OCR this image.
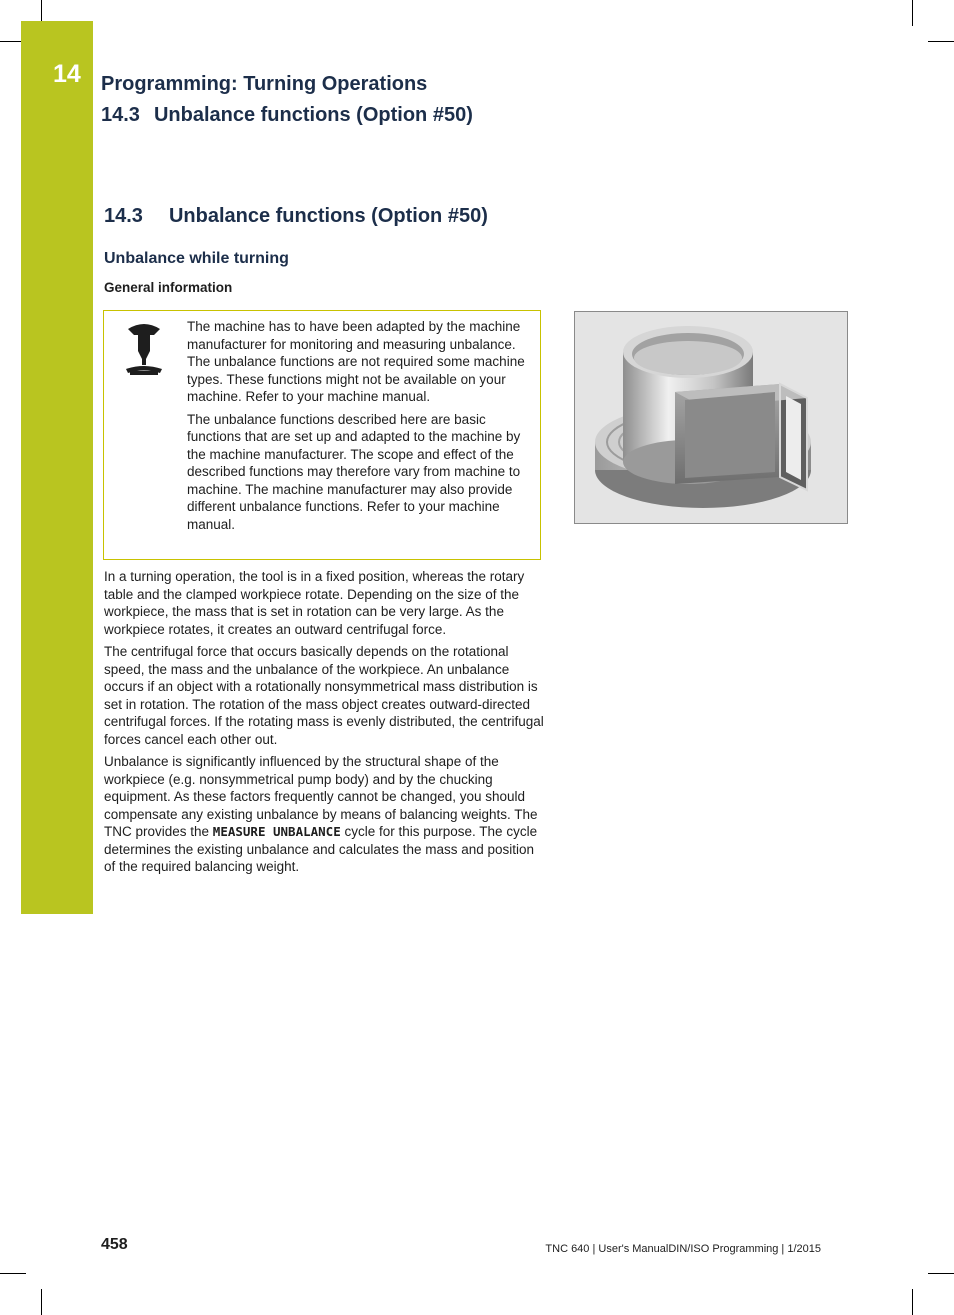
14 Programming: Turning Operations
14.3 Unbalance functions (Option #50)
14.3 Unbalance functions (Option #50)
Unbalance while turning
General information

The machine has to have been adapted by the machine manufacturer for monitoring and measuring unbalance. The unbalance functions are not required some machine types. These functions might not be available on your machine. Refer to your machine manual.

The unbalance functions described here are basic functions that are set up and adapted to the machine by the machine manufacturer. The scope and effect of the described functions may therefore vary from machine to machine. The machine manufacturer may also provide different unbalance functions. Refer to your machine manual.

In a turning operation, the tool is in a fixed position, whereas the rotary table and the clamped workpiece rotate. Depending on the size of the workpiece, the mass that is set in rotation can be very large. As the workpiece rotates, it creates an outward centrifugal force.

The centrifugal force that occurs basically depends on the rotational speed, the mass and the unbalance of the workpiece. An unbalance occurs if an object with a rotationally nonsymmetrical mass distribution is set in rotation. The rotation of the mass object creates outward-directed centrifugal forces. If the rotating mass is evenly distributed, the centrifugal forces cancel each other out.

Unbalance is significantly influenced by the structural shape of the workpiece (e.g. nonsymmetrical pump body) and by the chucking equipment. As these factors frequently cannot be changed, you should compensate any existing unbalance by means of balancing weights. The TNC provides the MEASURE UNBALANCE cycle for this purpose. The cycle determines the existing unbalance and calculates the mass and position of the required balancing weight.

458	TNC 640 | User's ManualDIN/ISO Programming | 1/2015
